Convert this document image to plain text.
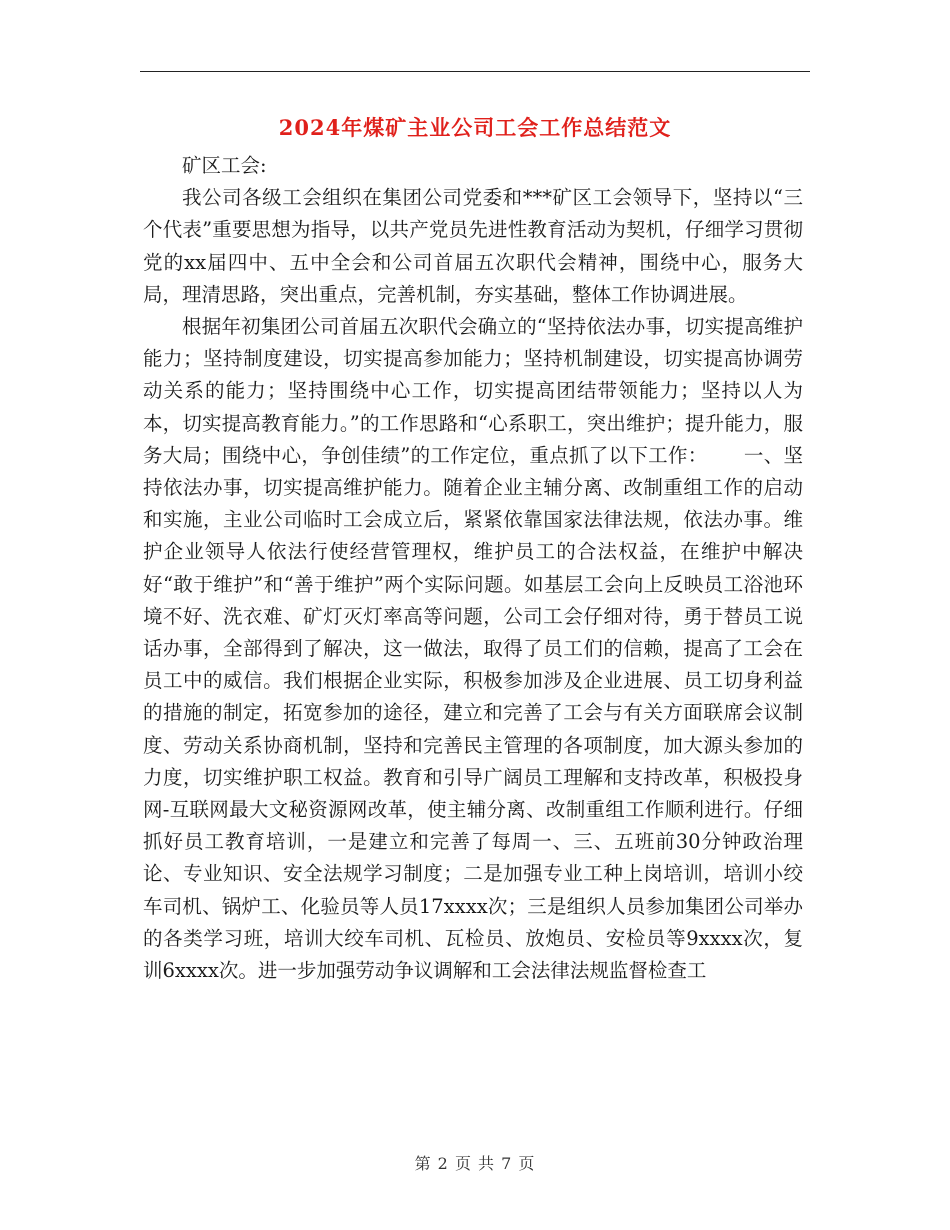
2024年煤矿主业公司工会工作总结范文

矿区工会:

我公司各级工会组织在集团公司党委和***矿区工会领导下，坚持以“三个代表”重要思想为指导，以共产党员先进性教育活动为契机，仔细学习贯彻党的xx届四中、五中全会和公司首届五次职代会精神，围绕中心，服务大局，理清思路，突出重点，完善机制，夯实基础，整体工作协调进展。

根据年初集团公司首届五次职代会确立的“坚持依法办事，切实提高维护能力；坚持制度建设，切实提高参加能力；坚持机制建设，切实提高协调劳动关系的能力；坚持围绕中心工作，切实提高团结带领能力；坚持以人为本，切实提高教育能力。”的工作思路和“心系职工，突出维护；提升能力，服务大局；围绕中心，争创佳绩”的工作定位，重点抓了以下工作：　　 一、坚持依法办事，切实提高维护能力。随着企业主辅分离、改制重组工作的启动和实施，主业公司临时工会成立后，紧紧依靠国家法律法规，依法办事。维护企业领导人依法行使经营管理权，维护员工的合法权益，在维护中解决好“敢于维护”和“善于维护”两个实际问题。如基层工会向上反映员工浴池环境不好、洗衣难、矿灯灭灯率高等问题，公司工会仔细对待，勇于替员工说话办事，全部得到了解决，这一做法，取得了员工们的信赖，提高了工会在员工中的威信。我们根据企业实际，积极参加涉及企业进展、员工切身利益的措施的制定，拓宽参加的途径，建立和完善了工会与有关方面联席会议制度、劳动关系协商机制，坚持和完善民主管理的各项制度，加大源头参加的力度，切实维护职工权益。教育和引导广阔员工理解和支持改革，积极投身网-互联网最大文秘资源网改革，使主辅分离、改制重组工作顺利进行。仔细抓好员工教育培训，一是建立和完善了每周一、三、五班前30分钟政治理论、专业知识、安全法规学习制度；二是加强专业工种上岗培训，培训小绞车司机、锅炉工、化验员等人员17xxxx次；三是组织人员参加集团公司举办的各类学习班，培训大绞车司机、瓦检员、放炮员、安检员等9xxxx次，复训6xxxx次。进一步加强劳动争议调解和工会法律法规监督检查工

第 2 页 共 7 页
